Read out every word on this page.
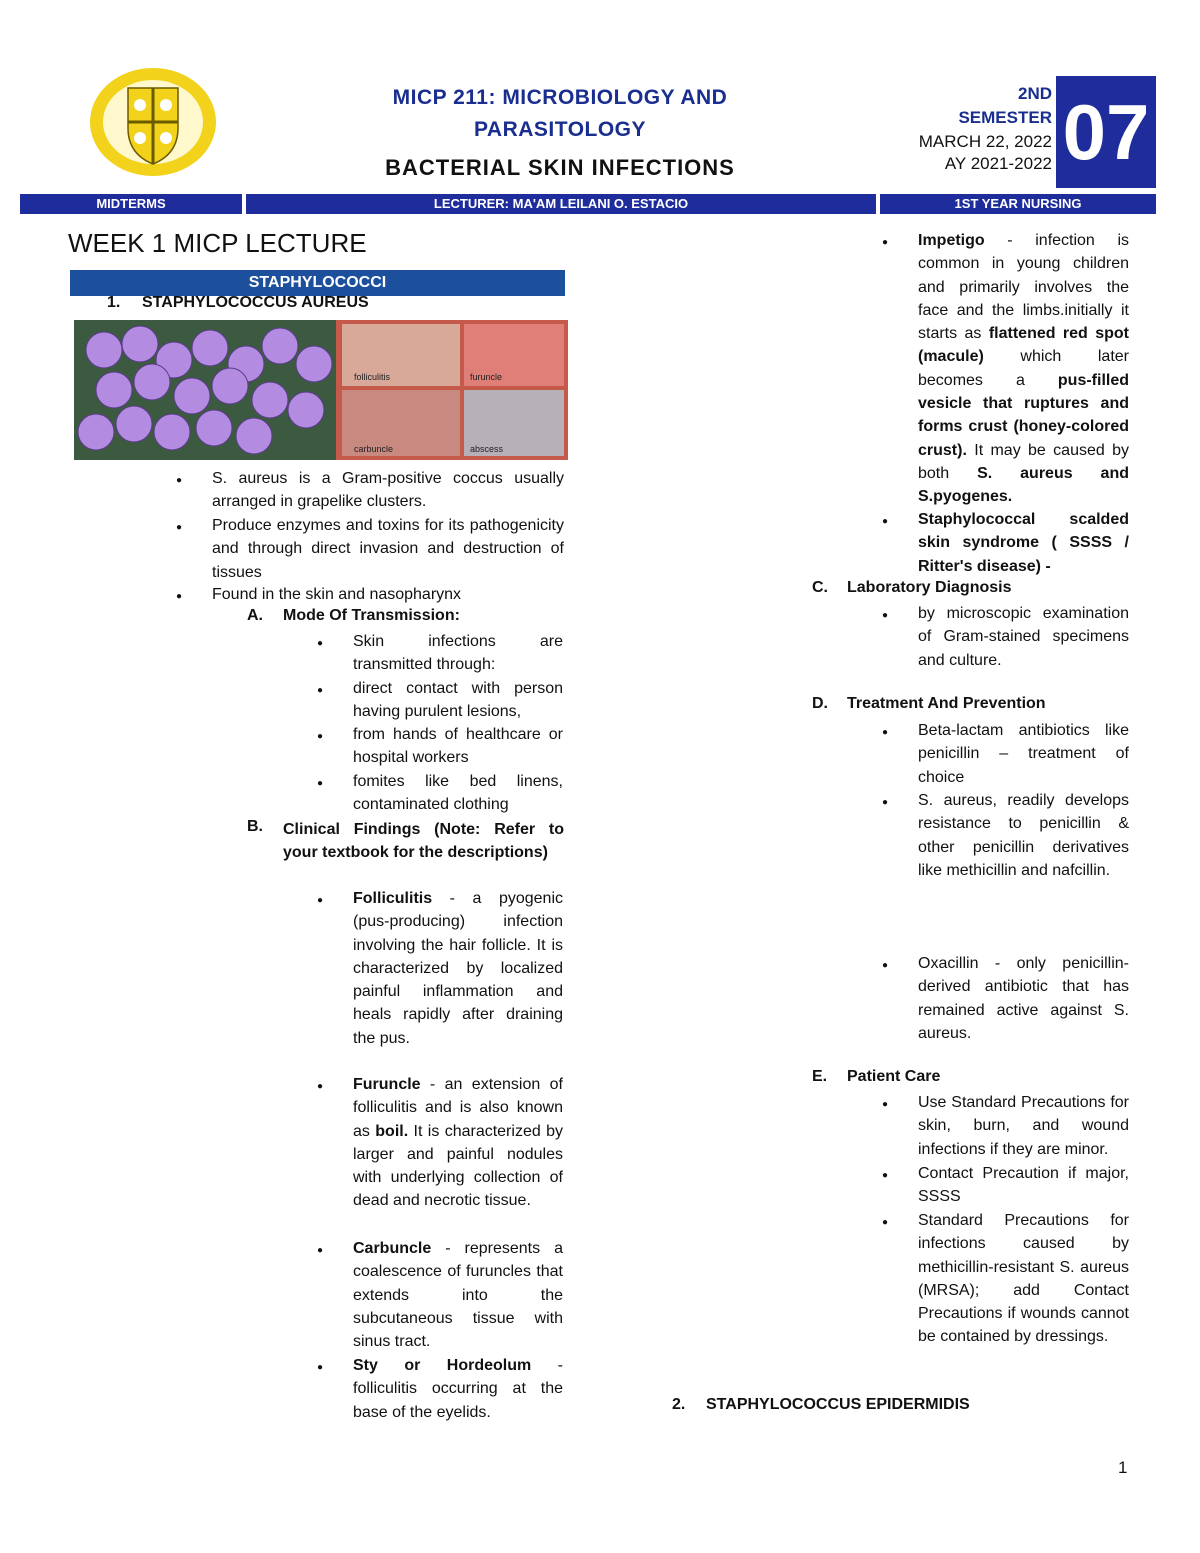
MICP 211: MICROBIOLOGY AND
PARASITOLOGY
BACTERIAL SKIN INFECTIONS
2ND
SEMESTER
MARCH 22, 2022
AY 2021-2022 07
MIDTERMS	LECTURER: MA'AM LEILANI O. ESTACIO	1ST YEAR NURSING
WEEK 1 MICP LECTURE
STAPHYLOCOCCI
1. STAPHYLOCOCCUS AUREUS
folliculitis	furuncle
carbuncle	abscess
● S. aureus is a Gram-positive coccus usually arranged in grapelike clusters.
● Produce enzymes and toxins for its pathogenicity and through direct invasion and destruction of tissues
● Found in the skin and nasopharynx
A. Mode Of Transmission:
● Skin infections are transmitted through:
● direct contact with person having purulent lesions,
● from hands of healthcare or hospital workers
● fomites like bed linens, contaminated clothing
B. Clinical Findings (Note: Refer to your textbook for the descriptions)
● Folliculitis - a pyogenic (pus-producing) infection involving the hair follicle. It is characterized by localized painful inflammation and heals rapidly after draining the pus.
● Furuncle - an extension of folliculitis and is also known as boil. It is characterized by larger and painful nodules with underlying collection of dead and necrotic tissue.
● Carbuncle - represents a coalescence of furuncles that extends into the subcutaneous tissue with sinus tract.
● Sty or Hordeolum - folliculitis occurring at the base of the eyelids.
● Impetigo - infection is common in young children and primarily involves the face and the limbs.initially it starts as flattened red spot (macule) which later becomes a pus-filled vesicle that ruptures and forms crust (honey-colored crust). It may be caused by both S. aureus and S.pyogenes.
● Staphylococcal scalded skin syndrome ( SSSS / Ritter's disease) -
C. Laboratory Diagnosis
● by microscopic examination of Gram-stained specimens and culture.
D. Treatment And Prevention
● Beta-lactam antibiotics like penicillin – treatment of choice
● S. aureus, readily develops resistance to penicillin & other penicillin derivatives like methicillin and nafcillin.
● Oxacillin - only penicillin-derived antibiotic that has remained active against S. aureus.
E. Patient Care
● Use Standard Precautions for skin, burn, and wound infections if they are minor.
● Contact Precaution if major, SSSS
● Standard Precautions for infections caused by methicillin-resistant S. aureus (MRSA); add Contact Precautions if wounds cannot be contained by dressings.
2. STAPHYLOCOCCUS EPIDERMIDIS
1
